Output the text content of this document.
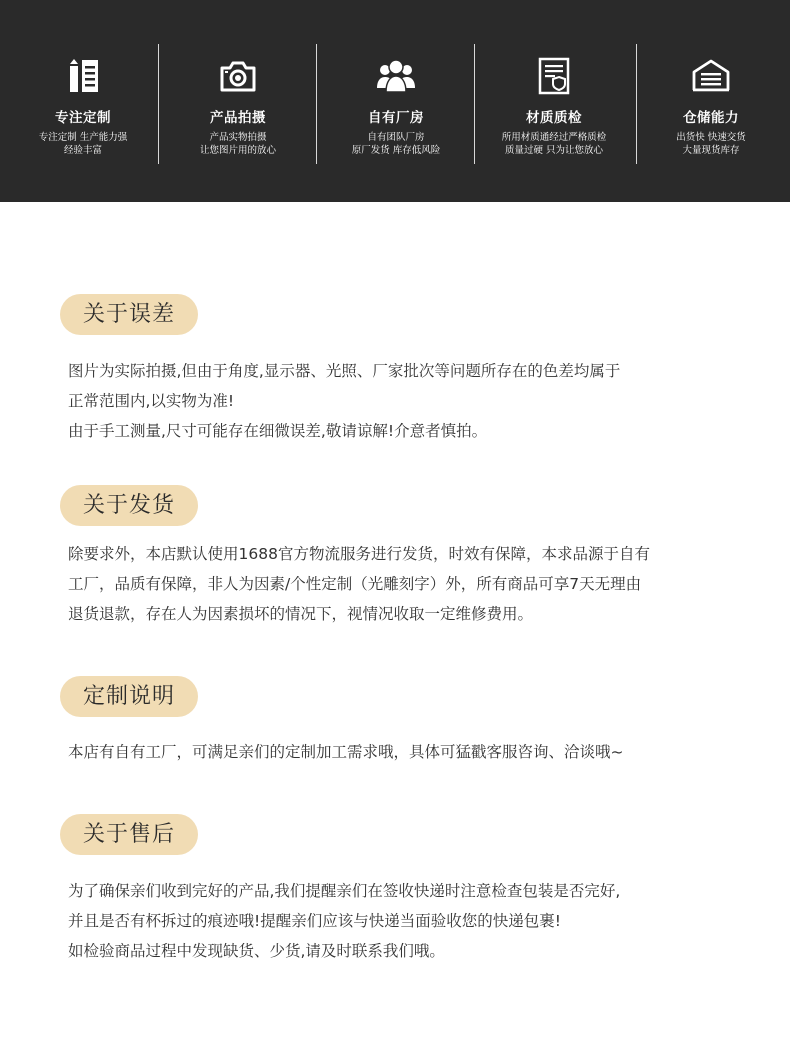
专注定制
专注定制 生产能力强
经验丰富
产品拍摄
产品实物拍摄
让您图片用的放心
自有厂房
自有团队厂房
原厂发货 库存低风险
材质质检
所用材质通经过严格质检
质量过硬 只为让您放心
仓储能力
出货快 快速交货
大量现货库存
关于误差

图片为实际拍摄,但由于角度,显示器、光照、厂家批次等问题所存在的色差均属于

正常范围内,以实物为准!

由于手工测量,尺寸可能存在细微误差,敬请谅解!介意者慎拍。

关于发货

除要求外，本店默认使用1688官方物流服务进行发货，时效有保障，本求品源于自有

工厂，品质有保障，非人为因素/个性定制（光雕刻字）外，所有商品可享7天无理由

退货退款，存在人为因素损坏的情况下，视情况收取一定维修费用。

定制说明

本店有自有工厂，可满足亲们的定制加工需求哦，具体可猛戳客服咨询、洽谈哦~

关于售后

为了确保亲们收到完好的产品,我们提醒亲们在签收快递时注意检查包装是否完好,

并且是否有杯拆过的痕迹哦!提醒亲们应该与快递当面验收您的快递包裹!

如检验商品过程中发现缺货、少货,请及时联系我们哦。
